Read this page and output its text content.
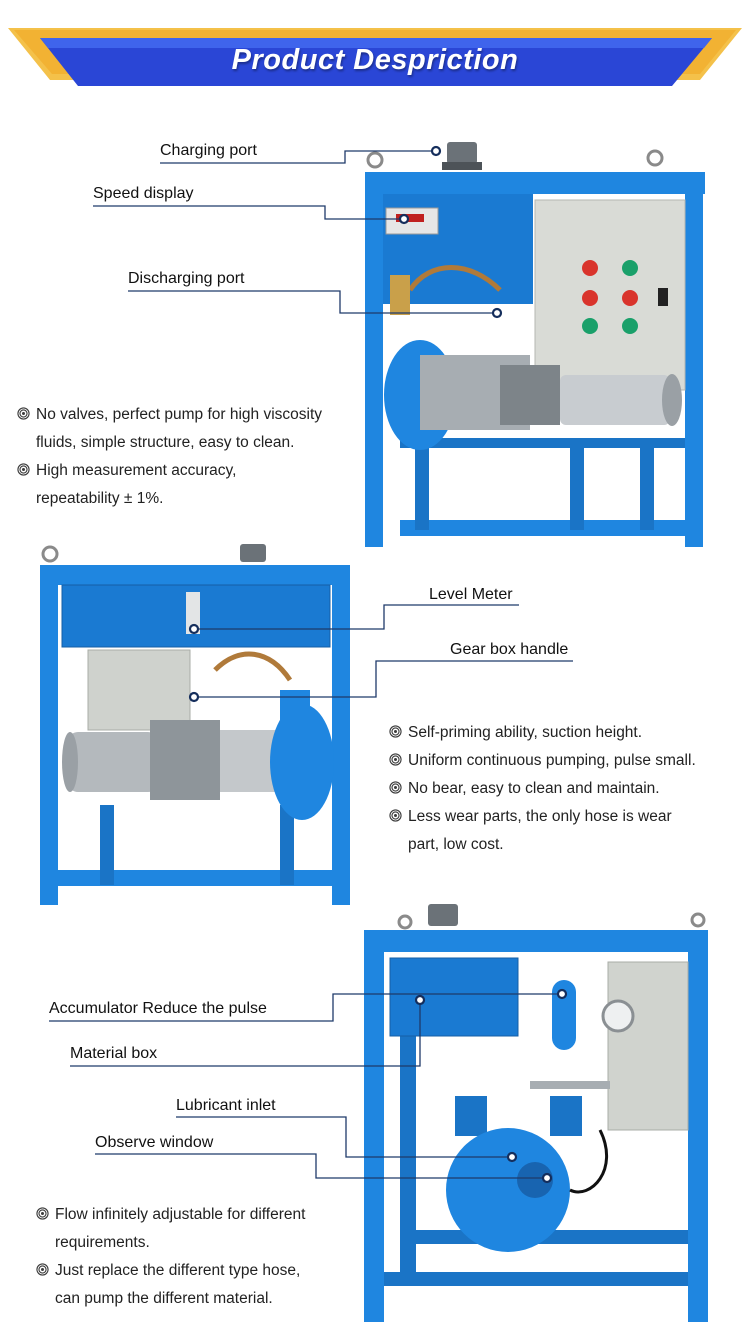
Product Despriction
Charging port
Speed display
Discharging port
Level Meter
Gear box handle
Accumulator Reduce the pulse
Material box
Lubricant inlet
Observe window
No valves, perfect pump for high viscosity
fluids, simple structure, easy to clean.
High measurement accuracy,
repeatability ± 1%.
Self-priming ability, suction height.
Uniform continuous pumping, pulse small.
No bear, easy to clean and maintain.
Less wear parts, the only hose is wear
part, low cost.
Flow infinitely adjustable for different
requirements.
Just replace the different type hose,
can pump the different material.
